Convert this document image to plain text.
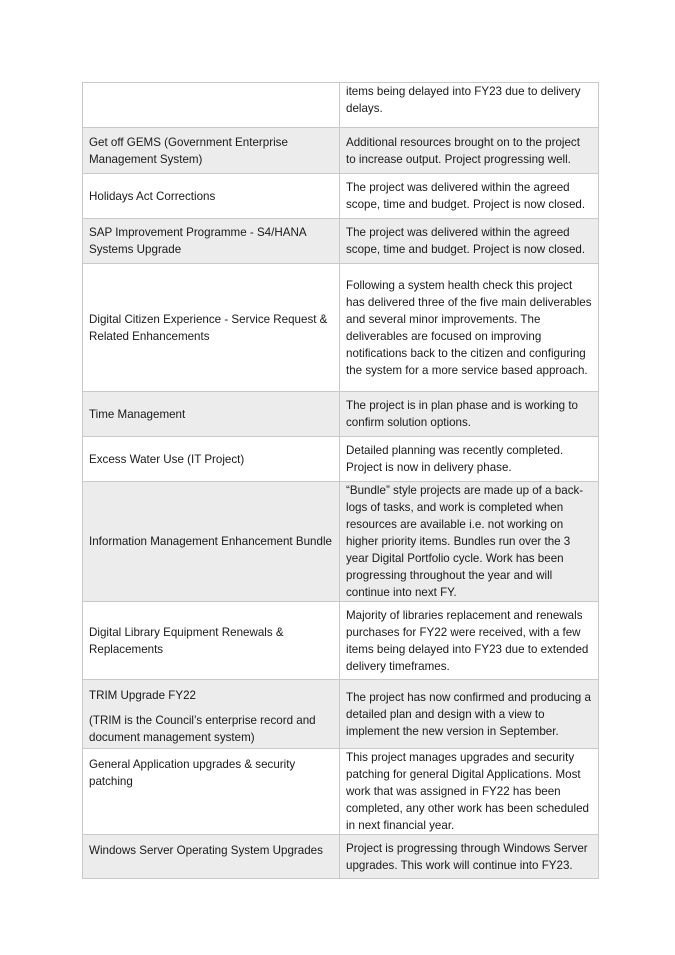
	items being delayed into FY23 due to delivery delays.
Get off GEMS (Government Enterprise Management System)	Additional resources brought on to the project to increase output. Project progressing well.
Holidays Act Corrections	The project was delivered within the agreed scope, time and budget. Project is now closed.
SAP Improvement Programme - S4/HANA Systems Upgrade	The project was delivered within the agreed scope, time and budget. Project is now closed.
Digital Citizen Experience - Service Request & Related Enhancements	Following a system health check this project has delivered three of the five main deliverables and several minor improvements. The deliverables are focused on improving notifications back to the citizen and configuring the system for a more service based approach.
Time Management	The project is in plan phase and is working to confirm solution options.
Excess Water Use (IT Project)	Detailed planning was recently completed. Project is now in delivery phase.
Information Management Enhancement Bundle	“Bundle” style projects are made up of a back-logs of tasks, and work is completed when resources are available i.e. not working on higher priority items. Bundles run over the 3 year Digital Portfolio cycle. Work has been progressing throughout the year and will continue into next FY.
Digital Library Equipment Renewals & Replacements	Majority of libraries replacement and renewals purchases for FY22 were received, with a few items being delayed into FY23 due to extended delivery timeframes.
TRIM Upgrade FY22
(TRIM is the Council’s enterprise record and document management system)	The project has now confirmed and producing a detailed plan and design with a view to implement the new version in September.
General Application upgrades & security patching	This project manages upgrades and security patching for general Digital Applications. Most work that was assigned in FY22 has been completed, any other work has been scheduled in next financial year.
Windows Server Operating System Upgrades	Project is progressing through Windows Server upgrades. This work will continue into FY23.
